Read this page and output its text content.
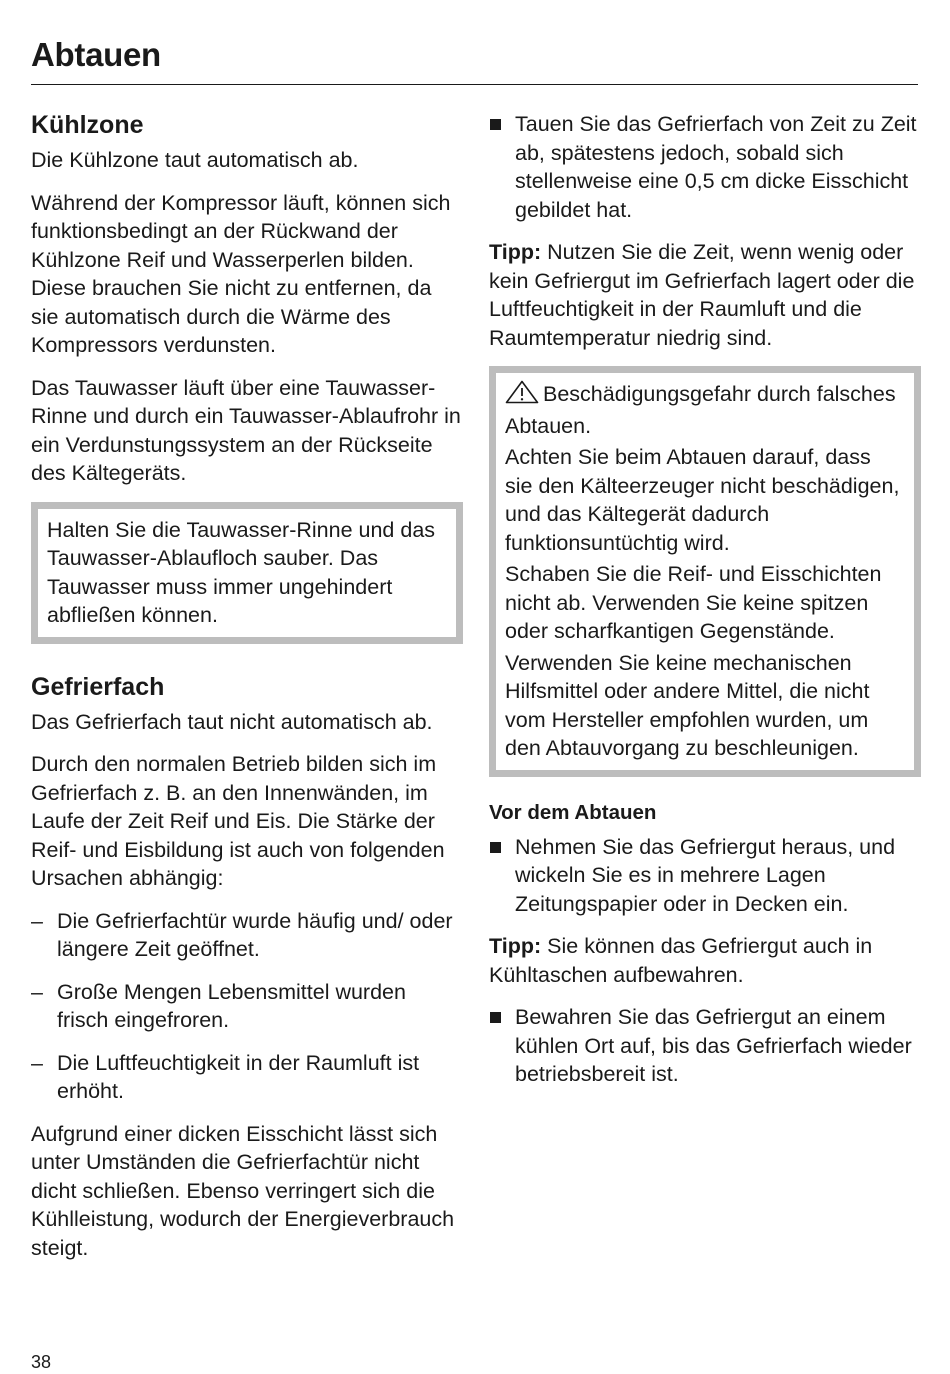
Abtauen
Kühlzone

Die Kühlzone taut automatisch ab.

Während der Kompressor läuft, können sich funktionsbedingt an der Rückwand der Kühlzone Reif und Wasserperlen bilden. Diese brauchen Sie nicht zu entfernen, da sie automatisch durch die Wärme des Kompressors verdunsten.

Das Tauwasser läuft über eine Tauwasser-Rinne und durch ein Tauwasser-Ablaufrohr in ein Verdunstungssystem an der Rückseite des Kältegeräts.

Halten Sie die Tauwasser-Rinne und das Tauwasser-Ablaufloch sauber. Das Tauwasser muss immer ungehindert abfließen können.

Gefrierfach

Das Gefrierfach taut nicht automatisch ab.

Durch den normalen Betrieb bilden sich im Gefrierfach z. B. an den Innenwänden, im Laufe der Zeit Reif und Eis. Die Stärke der Reif- und Eisbildung ist auch von folgenden Ursachen abhängig:

– Die Gefrierfachtür wurde häufig und/ oder längere Zeit geöffnet.
– Große Mengen Lebensmittel wurden frisch eingefroren.
– Die Luftfeuchtigkeit in der Raumluft ist erhöht.

Aufgrund einer dicken Eisschicht lässt sich unter Umständen die Gefrierfachtür nicht dicht schließen. Ebenso verringert sich die Kühlleistung, wodurch der Energieverbrauch steigt.

Tauen Sie das Gefrierfach von Zeit zu Zeit ab, spätestens jedoch, sobald sich stellenweise eine 0,5 cm dicke Eisschicht gebildet hat.

Tipp: Nutzen Sie die Zeit, wenn wenig oder kein Gefriergut im Gefrierfach lagert oder die Luftfeuchtigkeit in der Raumluft und die Raumtemperatur niedrig sind.

Beschädigungsgefahr durch falsches Abtauen.

Achten Sie beim Abtauen darauf, dass sie den Kälteerzeuger nicht beschädigen, und das Kältegerät dadurch funktionsuntüchtig wird.

Schaben Sie die Reif- und Eisschichten nicht ab. Verwenden Sie keine spitzen oder scharfkantigen Gegenstände.

Verwenden Sie keine mechanischen Hilfsmittel oder andere Mittel, die nicht vom Hersteller empfohlen wurden, um den Abtauvorgang zu beschleunigen.

Vor dem Abtauen
Nehmen Sie das Gefriergut heraus, und wickeln Sie es in mehrere Lagen Zeitungspapier oder in Decken ein.

Tipp: Sie können das Gefriergut auch in Kühltaschen aufbewahren.

Bewahren Sie das Gefriergut an einem kühlen Ort auf, bis das Gefrierfach wieder betriebsbereit ist.
38
